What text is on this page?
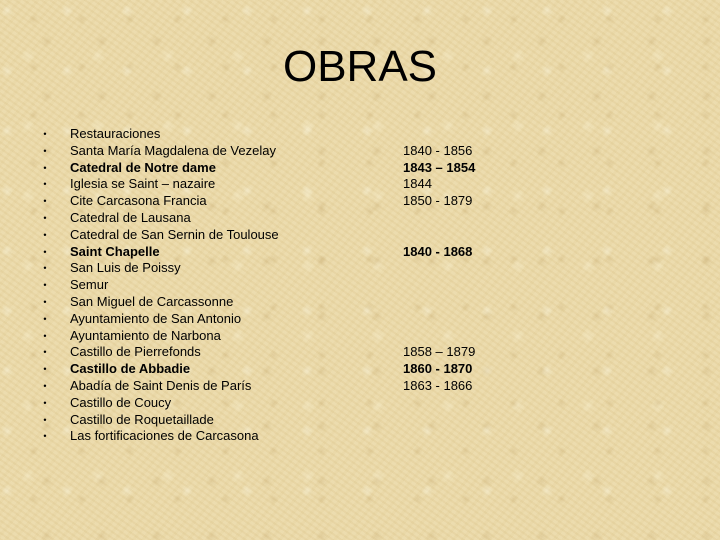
OBRAS
• Restauraciones
• Santa María Magdalena de Vezelay	1840 - 1856
• Catedral de Notre dame	1843 – 1854
• Iglesia se Saint – nazaire	1844
• Cite Carcasona Francia	1850 - 1879
• Catedral de Lausana
• Catedral de San Sernin de Toulouse
• Saint Chapelle	1840 - 1868
• San Luis de Poissy
• Semur
• San Miguel de Carcassonne
• Ayuntamiento de San Antonio
• Ayuntamiento de Narbona
• Castillo de Pierrefonds	1858 – 1879
• Castillo de Abbadie	1860 - 1870
• Abadía de Saint Denis de París	1863 - 1866
• Castillo de Coucy
• Castillo de Roquetaillade
• Las fortificaciones de Carcasona
